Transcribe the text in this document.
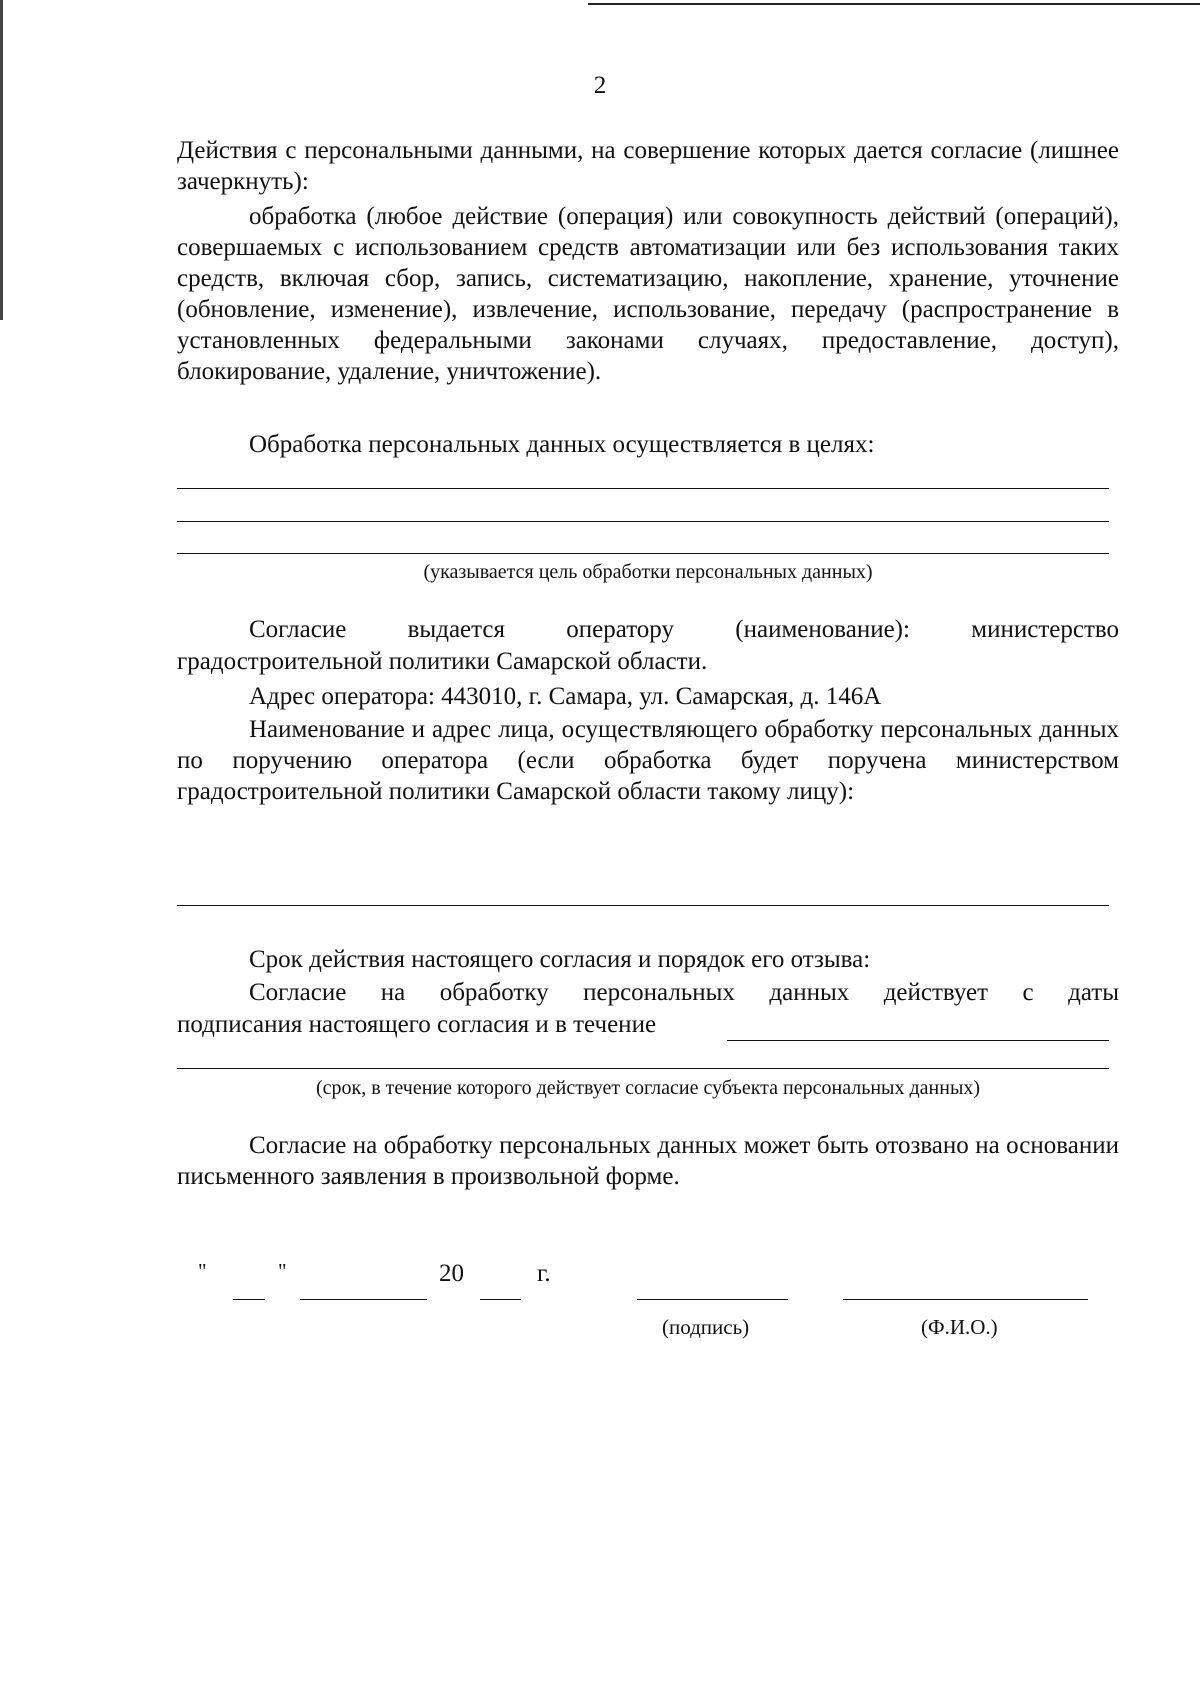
2

Действия с персональными данными, на совершение которых дается согласие (лишнее зачеркнуть):

обработка (любое действие (операция) или совокупность действий (операций), совершаемых с использованием средств автоматизации или без использования таких средств, включая сбор, запись, систематизацию, накопление, хранение, уточнение (обновление, изменение), извлечение, использование, передачу (распространение в установленных федеральными законами случаях, предоставление, доступ), блокирование, удаление, уничтожение).

Обработка персональных данных осуществляется в целях:

(указывается цель обработки персональных данных)

Согласие выдается оператору (наименование): министерство

градостроительной политики Самарской области.

Адрес оператора: 443010, г. Самара, ул. Самарская, д. 146А

Наименование и адрес лица, осуществляющего обработку персональных данных по поручению оператора (если обработка будет поручена министерством градостроительной политики Самарской области такому лицу):

Срок действия настоящего согласия и порядок его отзыва:

Согласие на обработку персональных данных действует с даты

подписания настоящего согласия и в течение
(срок, в течение которого действует согласие субъекта персональных данных)

Согласие на обработку персональных данных может быть отозвано на основании письменного заявления в произвольной форме.

"	"	20	г.
(подпись)	(Ф.И.О.)
